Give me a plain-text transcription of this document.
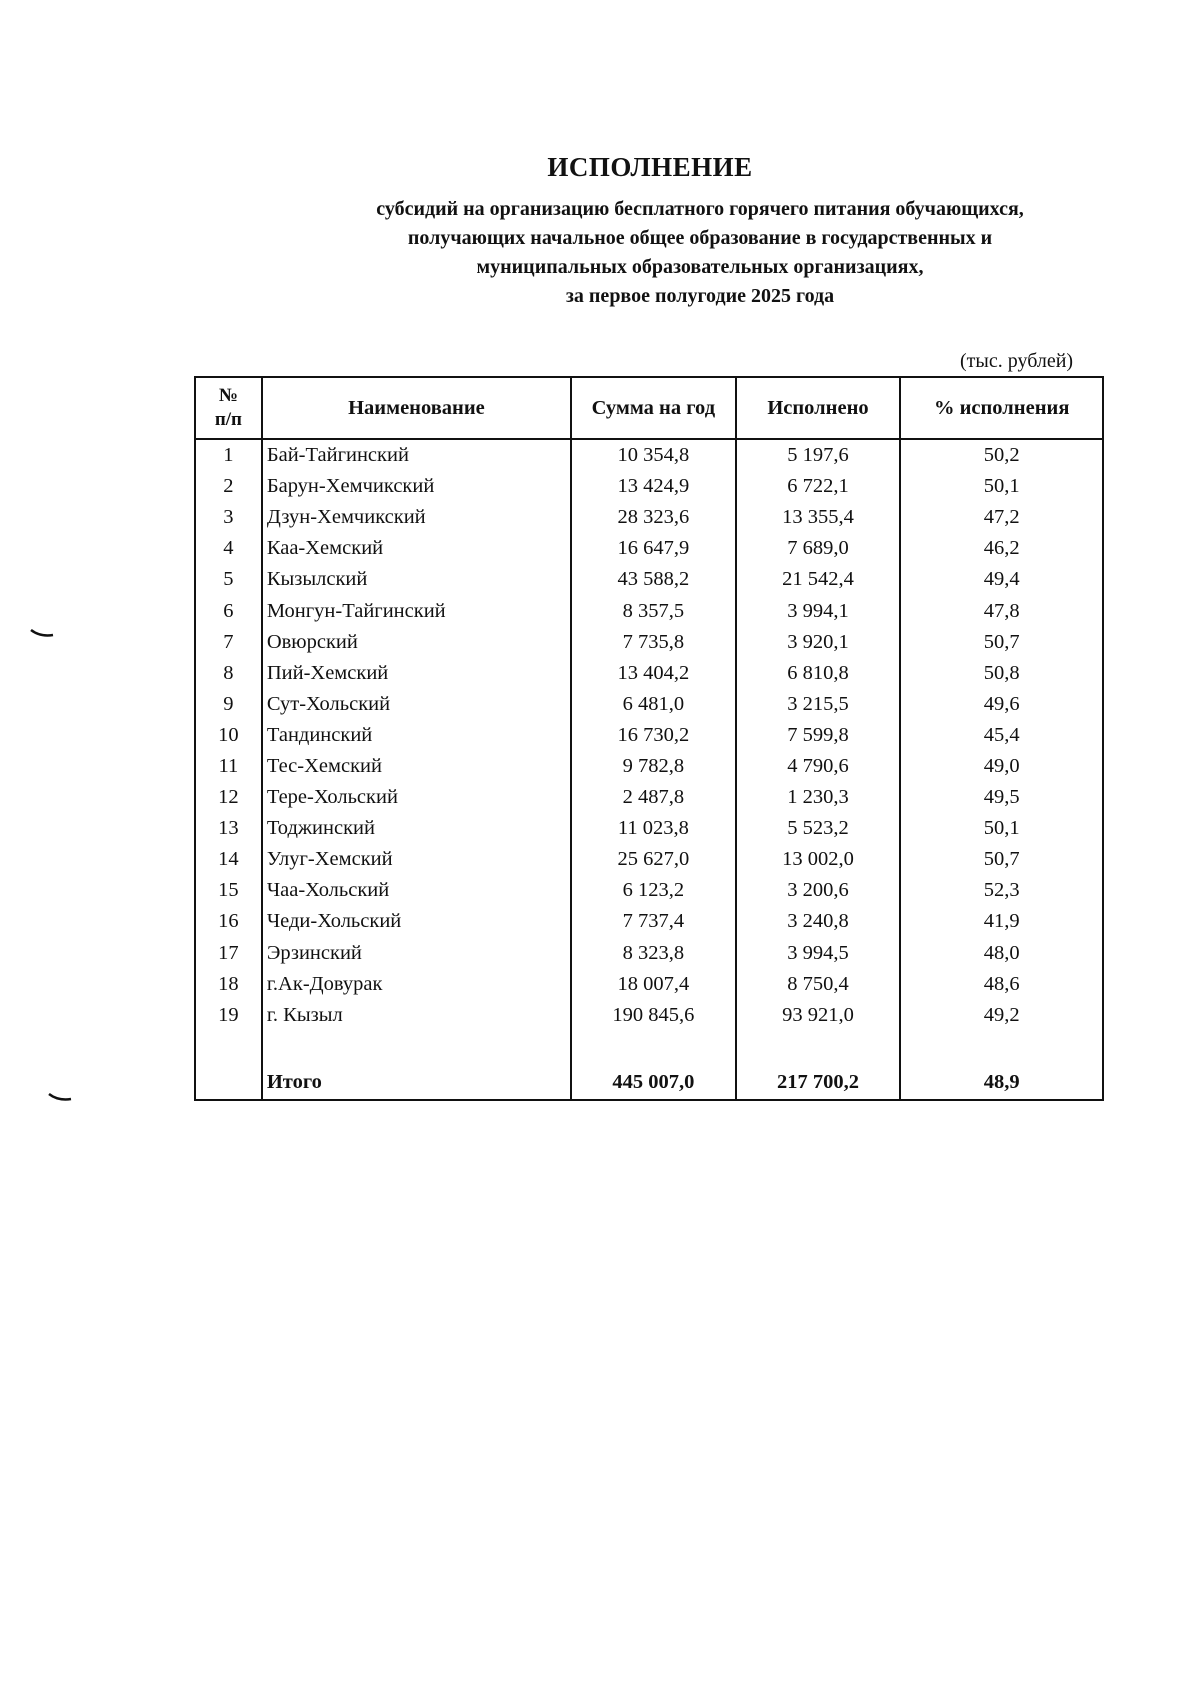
ИСПОЛНЕНИЕ
субсидий на организацию бесплатного горячего питания обучающихся,
получающих начальное общее образование в государственных и
муниципальных образовательных организациях,
за первое полугодие 2025 года
(тыс. рублей)
№
п/п	Наименование	Сумма на год	Исполнено	% исполнения
1	Бай-Тайгинский	10 354,8	5 197,6	50,2
2	Барун-Хемчикский	13 424,9	6 722,1	50,1
3	Дзун-Хемчикский	28 323,6	13 355,4	47,2
4	Каа-Хемский	16 647,9	7 689,0	46,2
5	Кызылский	43 588,2	21 542,4	49,4
6	Монгун-Тайгинский	8 357,5	3 994,1	47,8
7	Овюрский	7 735,8	3 920,1	50,7
8	Пий-Хемский	13 404,2	6 810,8	50,8
9	Сут-Хольский	6 481,0	3 215,5	49,6
10	Тандинский	16 730,2	7 599,8	45,4
11	Тес-Хемский	9 782,8	4 790,6	49,0
12	Тере-Хольский	2 487,8	1 230,3	49,5
13	Тоджинский	11 023,8	5 523,2	50,1
14	Улуг-Хемский	25 627,0	13 002,0	50,7
15	Чаа-Хольский	6 123,2	3 200,6	52,3
16	Чеди-Хольский	7 737,4	3 240,8	41,9
17	Эрзинский	8 323,8	3 994,5	48,0
18	г.Ак-Довурак	18 007,4	8 750,4	48,6
19	г. Кызыл	190 845,6	93 921,0	49,2

	Итого	445 007,0	217 700,2	48,9
